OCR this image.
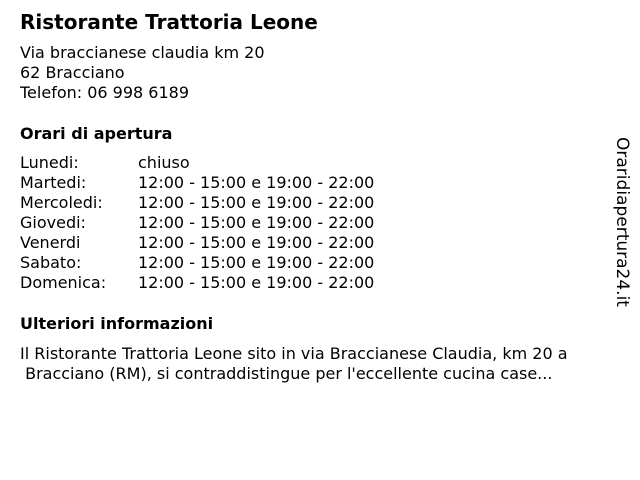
Ristorante Trattoria Leone
Via braccianese claudia km 20
62 Bracciano
Telefon: 06 998 6189
Orari di apertura
Lunedi:	chiuso
Martedi:	12:00 - 15:00 e 19:00 - 22:00
Mercoledi:	12:00 - 15:00 e 19:00 - 22:00
Giovedi:	12:00 - 15:00 e 19:00 - 22:00
Venerdi	12:00 - 15:00 e 19:00 - 22:00
Sabato:	12:00 - 15:00 e 19:00 - 22:00
Domenica:	12:00 - 15:00 e 19:00 - 22:00
Ulteriori informazioni
Il Ristorante Trattoria Leone sito in via Braccianese Claudia, km 20 a
Bracciano (RM), si contraddistingue per l'eccellente cucina case...
Oraridiapertura24.it
